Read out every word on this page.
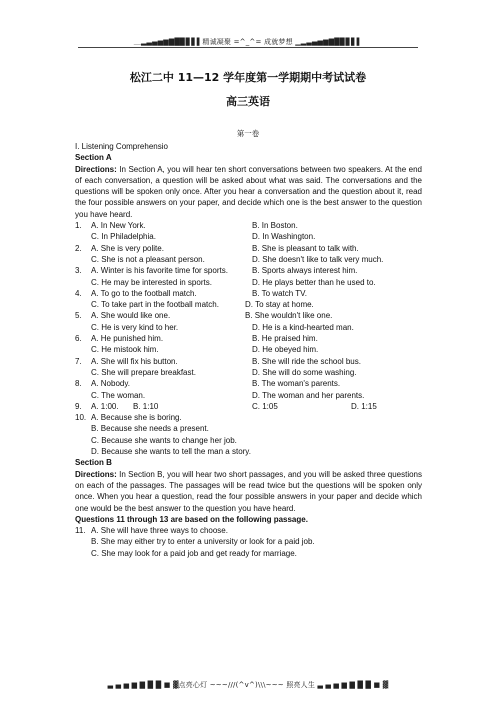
＿▂▃▄▅▆▇█▉▊▋▌精诚凝聚 =^_^= 成就梦想 ▁▂▃▄▅▆▇█▉▊▋▌
松江二中 11—12 学年度第一学期期中考试试卷
高三英语
第一卷
I. Listening Comprehensio
Section A
Directions: In Section A, you will hear ten short conversations between two speakers. At the end of each conversation, a question will be asked about what was said. The conversations and the questions will be spoken only once. After you hear a conversation and the question about it, read the four possible answers on your paper, and decide which one is the best answer to the question you have heard.
1. A. In New York.	B. In Boston.
C. In Philadelphia.	D. In Washington.
2. A. She is very polite.	B. She is pleasant to talk with.
C. She is not a pleasant person.	D. She doesn't like to talk very much.
3. A. Winter is his favorite time for sports.	B. Sports always interest him.
C. He may be interested in sports.	D. He plays better than he used to.
4. A. To go to the football match.	B. To watch TV.
C. To take part in the football match.	D. To stay at home.
5. A. She would like one.	B. She wouldn't like one.
C. He is very kind to her.	D. He is a kind-hearted man.
6. A. He punished him.	B. He praised him.
C. He mistook him.	D. He obeyed him.
7. A. She will fix his button.	B. She will ride the school bus.
C. She will prepare breakfast.	D. She will do some washing.
8. A. Nobody.	B. The woman's parents.
C. The woman.	D. The woman and her parents.
9. A. 1:00. B. 1:10	C. 1:05	D. 1:15
10. A. Because she is boring.
B. Because she needs a present.
C. Because she wants to change her job.
D. Because she wants to tell the man a story.
Section B
Directions: In Section B, you will hear two short passages, and you will be asked three questions on each of the passages. The passages will be read twice but the questions will be spoken only once. When you hear a question, read the four possible answers in your paper and decide which one would be the best answer to the question you have heard.
Questions 11 through 13 are based on the following passage.
11. A. She will have three ways to choose.
B. She may either try to enter a university or look for a paid job.
C. She may look for a paid job and get ready for marriage.
▃ ▄ ▅ ▆ ▇ █ █ ■ ▓点亮心灯 ~~~///(^v^)\\\~~~ 照亮人生 ▃ ▄ ▅ ▆ ▇ █ █ ■ ▓
